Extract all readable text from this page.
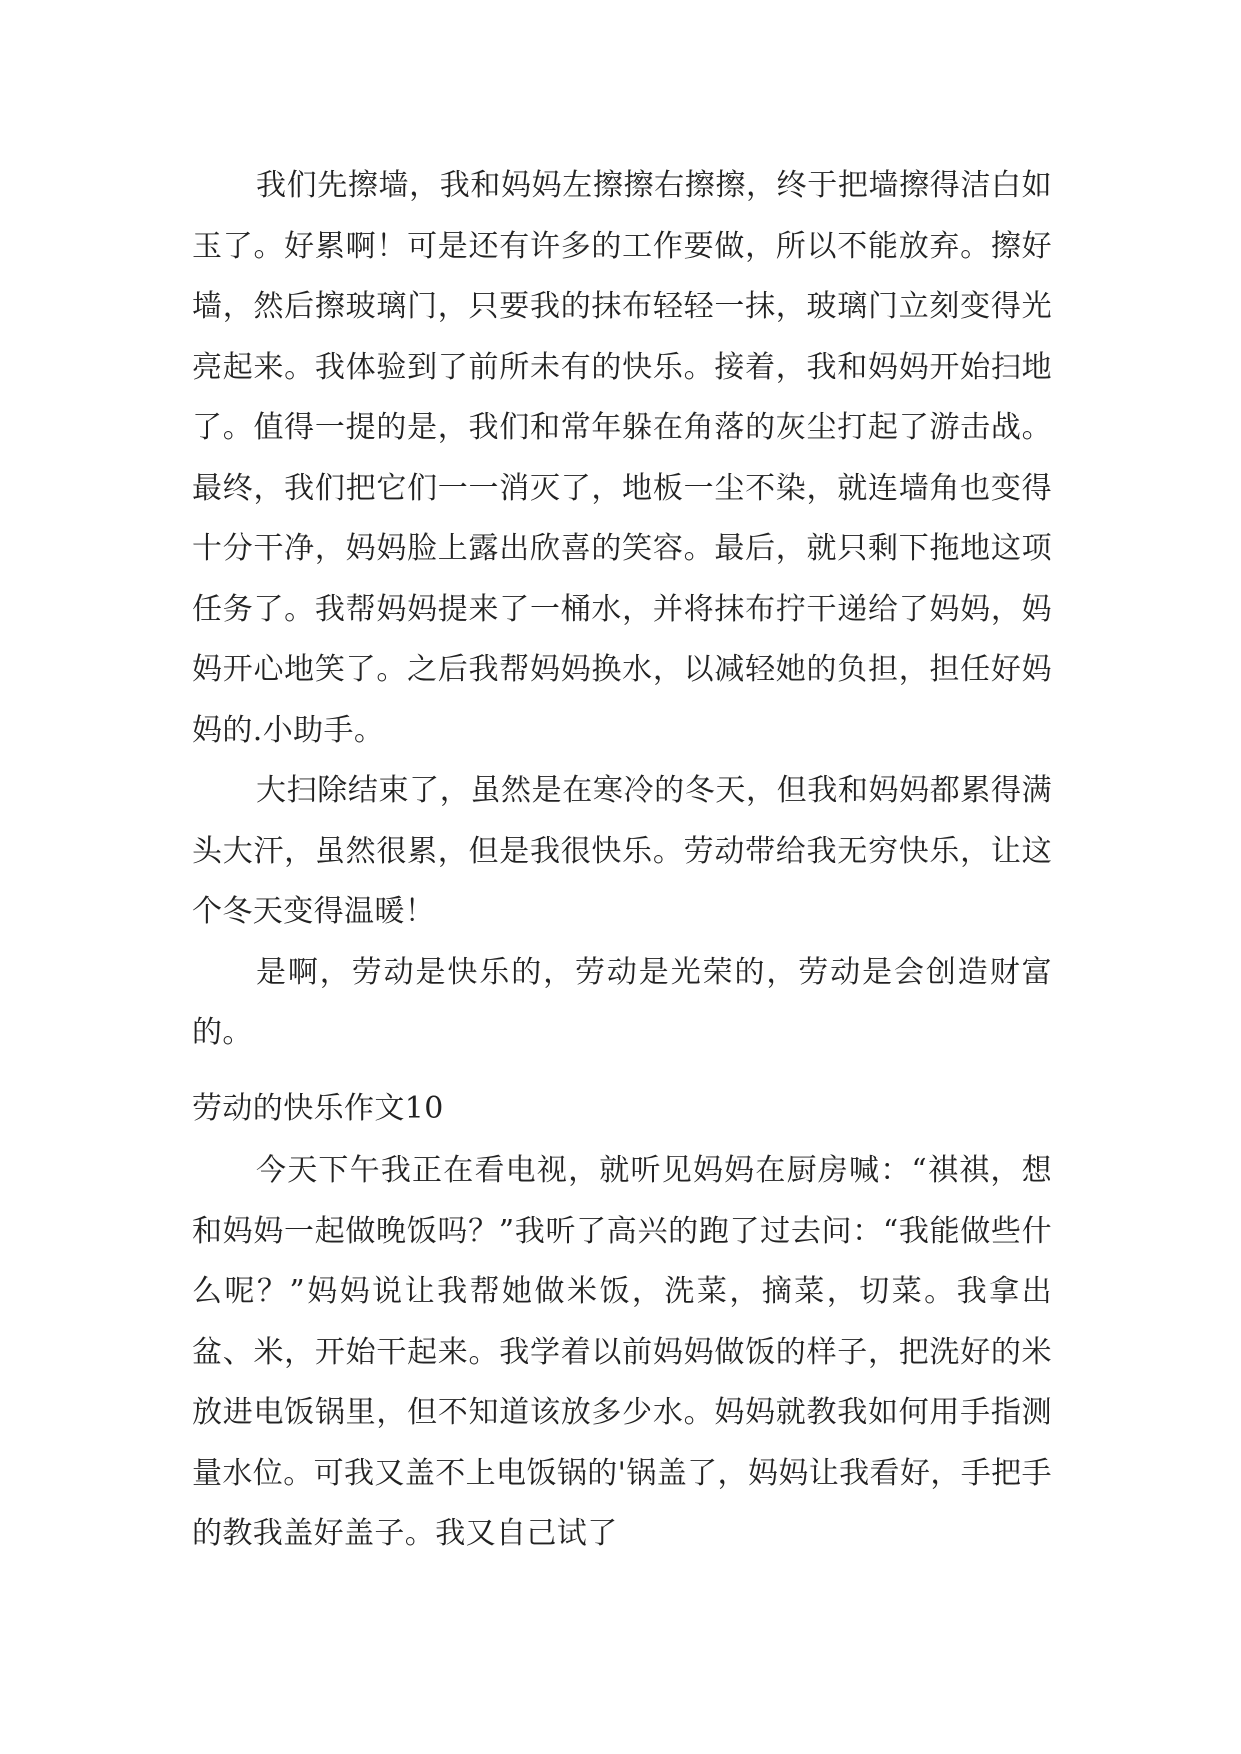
我们先擦墙，我和妈妈左擦擦右擦擦，终于把墙擦得洁白如玉了。好累啊！可是还有许多的工作要做，所以不能放弃。擦好墙，然后擦玻璃门，只要我的抹布轻轻一抹，玻璃门立刻变得光亮起来。我体验到了前所未有的快乐。接着，我和妈妈开始扫地了。值得一提的是，我们和常年躲在角落的灰尘打起了游击战。最终，我们把它们一一消灭了，地板一尘不染，就连墙角也变得十分干净，妈妈脸上露出欣喜的笑容。最后，就只剩下拖地这项任务了。我帮妈妈提来了一桶水，并将抹布拧干递给了妈妈，妈妈开心地笑了。之后我帮妈妈换水，以减轻她的负担，担任好妈妈的.小助手。

大扫除结束了，虽然是在寒冷的冬天，但我和妈妈都累得满头大汗，虽然很累，但是我很快乐。劳动带给我无穷快乐，让这个冬天变得温暖！

是啊，劳动是快乐的，劳动是光荣的，劳动是会创造财富的。

劳动的快乐作文10

今天下午我正在看电视，就听见妈妈在厨房喊：“祺祺，想和妈妈一起做晚饭吗？”我听了高兴的跑了过去问：“我能做些什么呢？”妈妈说让我帮她做米饭，洗菜，摘菜，切菜。我拿出盆、米，开始干起来。我学着以前妈妈做饭的样子，把洗好的米放进电饭锅里，但不知道该放多少水。妈妈就教我如何用手指测量水位。可我又盖不上电饭锅的'锅盖了，妈妈让我看好，手把手的教我盖好盖子。我又自己试了
